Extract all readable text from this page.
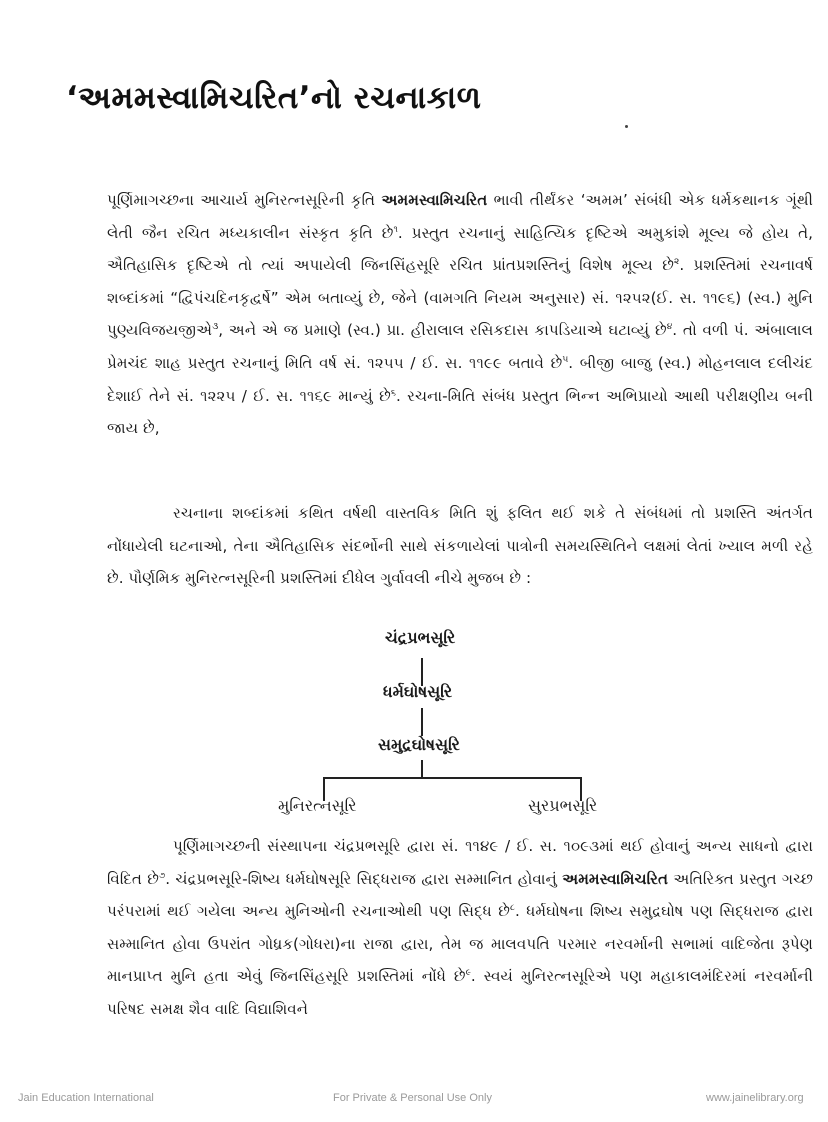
‘અમમસ્વામિચરિત’નો રચનાકાળ

પૂર્ણિમાગચ્છના આચાર્ય મુનિરત્નસૂરિની કૃતિ અમમસ્વામિચરિત ભાવી તીર્થંકર ‘અમમ’ સંબંધી એક ધર્મકથાનક ગૂંથી લેતી જૈન રચિત મધ્યકાલીન સંસ્કૃત કૃતિ છે$^૧$. પ્રસ્તુત રચનાનું સાહિત્યિક દૃષ્ટિએ અમુકાંશે મૂલ્ય જે હોય તે, ઐતિહાસિક દૃષ્ટિએ તો ત્યાં અપાયેલી જિનસિંહસૂરિ રચિત પ્રાંતપ્રશસ્તિનું વિશેષ મૂલ્ય છે$^૨$. પ્રશસ્તિમાં રચનાવર્ષ શબ્દાંકમાં “દ્વિપંચદિનકૃદ્વર્ષે” એમ બતાવ્યું છે, જેને (વામગતિ નિયમ અનુસાર) સં. ૧૨૫૨(ઈ. સ. ૧૧૯૬) (સ્વ.) મુનિ પુણ્યવિજયજીએ$^૩$, અને એ જ પ્રમાણે (સ્વ.) પ્રા. હીરાલાલ રસિકદાસ કાપડિયાએ ઘટાવ્યું છે$^૪$. તો વળી પં. અંબાલાલ પ્રેમચંદ શાહ પ્રસ્તુત રચનાનું મિતિ વર્ષ સં. ૧૨૫૫ / ઈ. સ. ૧૧૯૯ બતાવે છે$^૫$. બીજી બાજુ (સ્વ.) મોહનલાલ દલીચંદ દેશાઈ તેને સં. ૧૨૨૫ / ઈ. સ. ૧૧૬૯ માન્યું છે$^૬$. રચના-મિતિ સંબંધ પ્રસ્તુત ભિન્ન અભિપ્રાયો આથી પરીક્ષણીય બની જાય છે,

રચનાના શબ્દાંકમાં કથિત વર્ષથી વાસ્તવિક મિતિ શું ફલિત થઈ શકે તે સંબંધમાં તો પ્રશસ્તિ અંતર્ગત નોંધાયેલી ઘટનાઓ, તેના ઐતિહાસિક સંદર્ભોની સાથે સંકળાયેલાં પાત્રોની સમયસ્થિતિને લક્ષમાં લેતાં ખ્યાલ મળી રહે છે. પૌર્ણમિક મુનિરત્નસૂરિની પ્રશસ્તિમાં દીધેલ ગુર્વાવલી નીચે મુજબ છે :

ચંદ્રપ્રભસૂરિ
ધર્મઘોષસૂરિ
સમુદ્રઘોષસૂરિ
મુનિરત્નસૂરિ	સુરપ્રભસૂરિ

પૂર્ણિમાગચ્છની સંસ્થાપના ચંદ્રપ્રભસૂરિ દ્વારા સં. ૧૧૪૯ / ઈ. સ. ૧૦૯૩માં થઈ હોવાનું અન્ય સાધનો દ્વારા વિદિત છે$^૭$. ચંદ્રપ્રભસૂરિ-શિષ્ય ધર્મઘોષસૂરિ સિદ્ધરાજ દ્વારા સમ્માનિત હોવાનું અમમસ્વામિચરિત અતિરિક્ત પ્રસ્તુત ગચ્છ પરંપરામાં થઈ ગયેલા અન્ય મુનિઓની રચનાઓથી પણ સિદ્ધ છે$^૮$. ધર્મઘોષના શિષ્ય સમુદ્રઘોષ પણ સિદ્ધરાજ દ્વારા સમ્માનિત હોવા ઉપરાંત ગોધ્રક(ગોધરા)ના રાજા દ્વારા, તેમ જ માલવપતિ પરમાર નરવર્માની સભામાં વાદિજેતા રૂપેણ માનપ્રાપ્ત મુનિ હતા એવું જિનસિંહસૂરિ પ્રશસ્તિમાં નોંધે છે$^૯$. સ્વયં મુનિરત્નસૂરિએ પણ મહાકાલમંદિરમાં નરવર્માની પરિષદ સમક્ષ શૈવ વાદિ વિદ્યાશિવને

Jain Education International	For Private & Personal Use Only	www.jainelibrary.org
